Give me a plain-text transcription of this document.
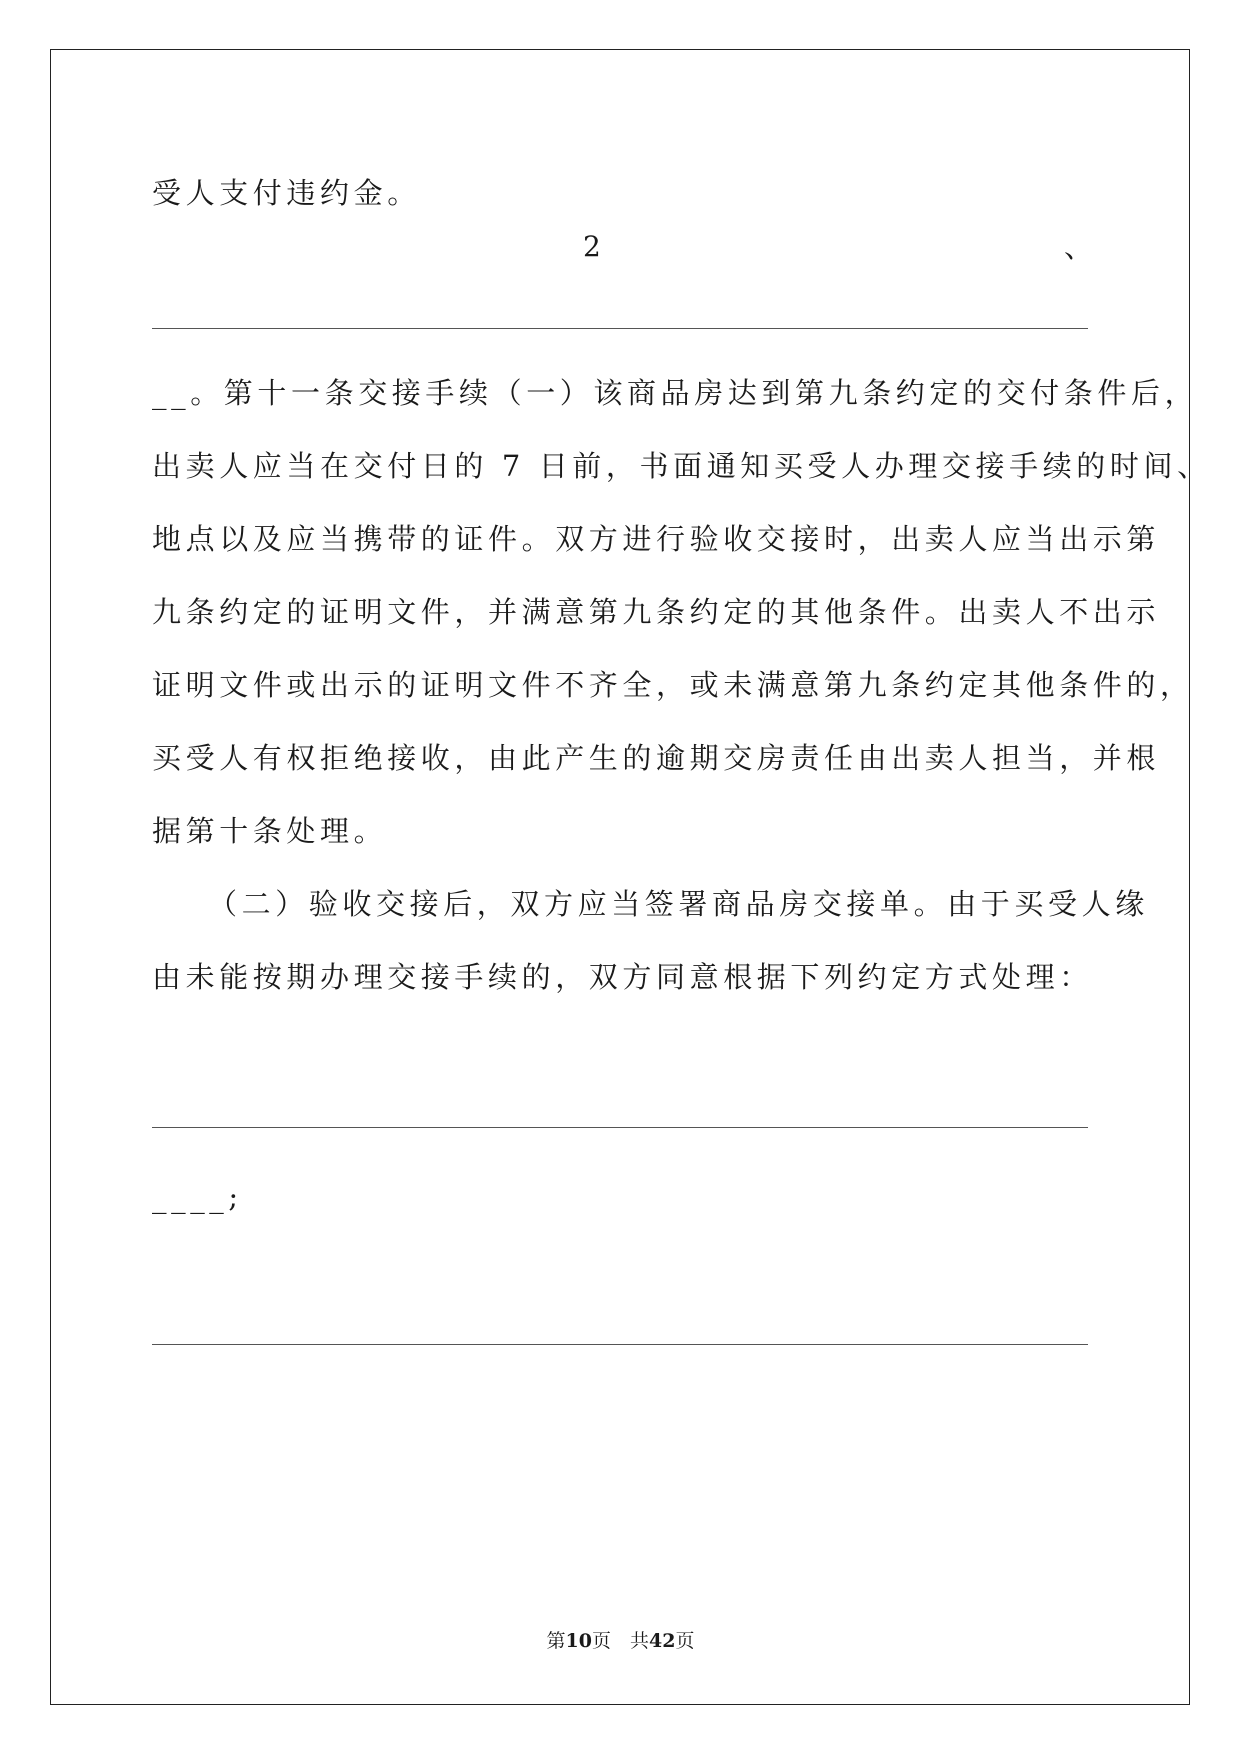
受人支付违约金。
2	、
__。第十一条交接手续（一）该商品房达到第九条约定的交付条件后，
出卖人应当在交付日的 7 日前，书面通知买受人办理交接手续的时间、
地点以及应当携带的证件。双方进行验收交接时，出卖人应当出示第
九条约定的证明文件，并满意第九条约定的其他条件。出卖人不出示
证明文件或出示的证明文件不齐全，或未满意第九条约定其他条件的，
买受人有权拒绝接收，由此产生的逾期交房责任由出卖人担当，并根
据第十条处理。
（二）验收交接后，双方应当签署商品房交接单。由于买受人缘
由未能按期办理交接手续的，双方同意根据下列约定方式处理：
____;
第10页　共42页
